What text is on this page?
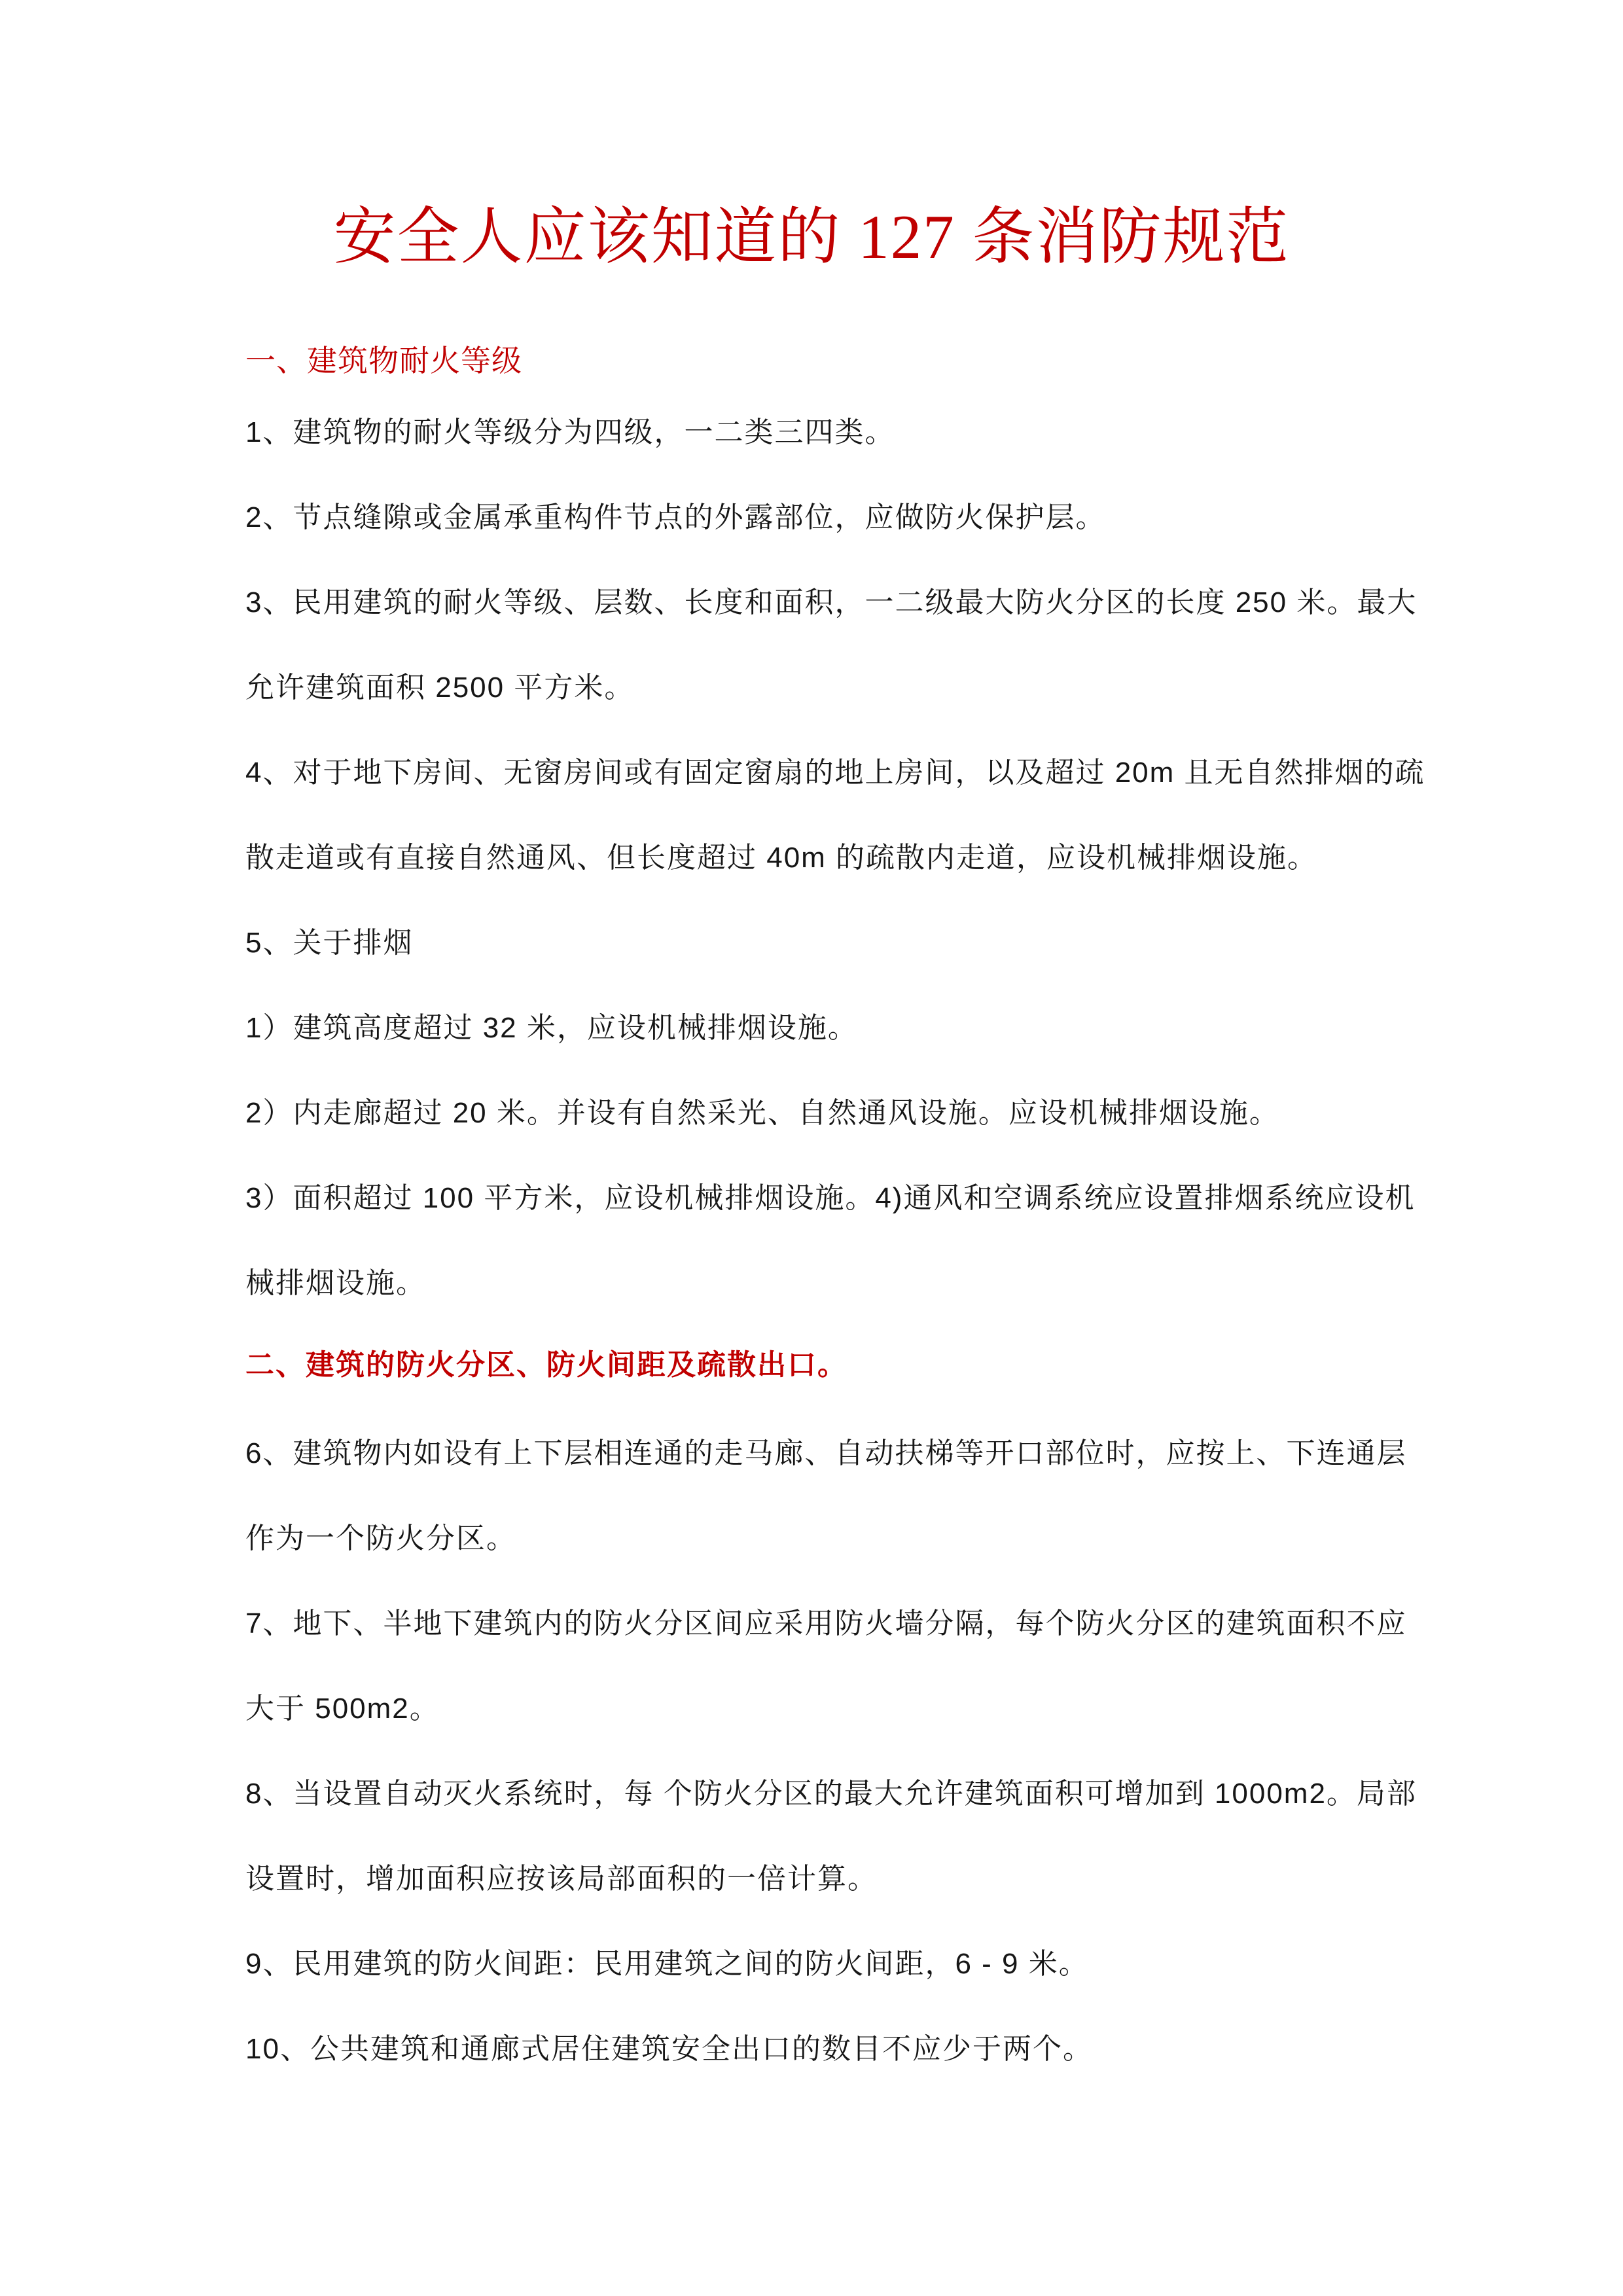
安全人应该知道的 127 条消防规范
一、建筑物耐火等级
1、建筑物的耐火等级分为四级，一二类三四类。
2、节点缝隙或金属承重构件节点的外露部位，应做防火保护层。
3、民用建筑的耐火等级、层数、长度和面积，一二级最大防火分区的长度 250 米。最大
允许建筑面积 2500 平方米。
4、对于地下房间、无窗房间或有固定窗扇的地上房间，以及超过 20m 且无自然排烟的疏
散走道或有直接自然通风、但长度超过 40m 的疏散内走道，应设机械排烟设施。
5、关于排烟
1）建筑高度超过 32 米，应设机械排烟设施。
2）内走廊超过 20 米。并设有自然采光、自然通风设施。应设机械排烟设施。
3）面积超过 100 平方米，应设机械排烟设施。4)通风和空调系统应设置排烟系统应设机
械排烟设施。
二、建筑的防火分区、防火间距及疏散出口。
6、建筑物内如设有上下层相连通的走马廊、自动扶梯等开口部位时，应按上、下连通层
作为一个防火分区。
7、地下、半地下建筑内的防火分区间应采用防火墙分隔，每个防火分区的建筑面积不应
大于 500m2。
8、当设置自动灭火系统时，每 个防火分区的最大允许建筑面积可增加到 1000m2。局部
设置时，增加面积应按该局部面积的一倍计算。
9、民用建筑的防火间距：民用建筑之间的防火间距，6 - 9 米。
10、公共建筑和通廊式居住建筑安全出口的数目不应少于两个。
